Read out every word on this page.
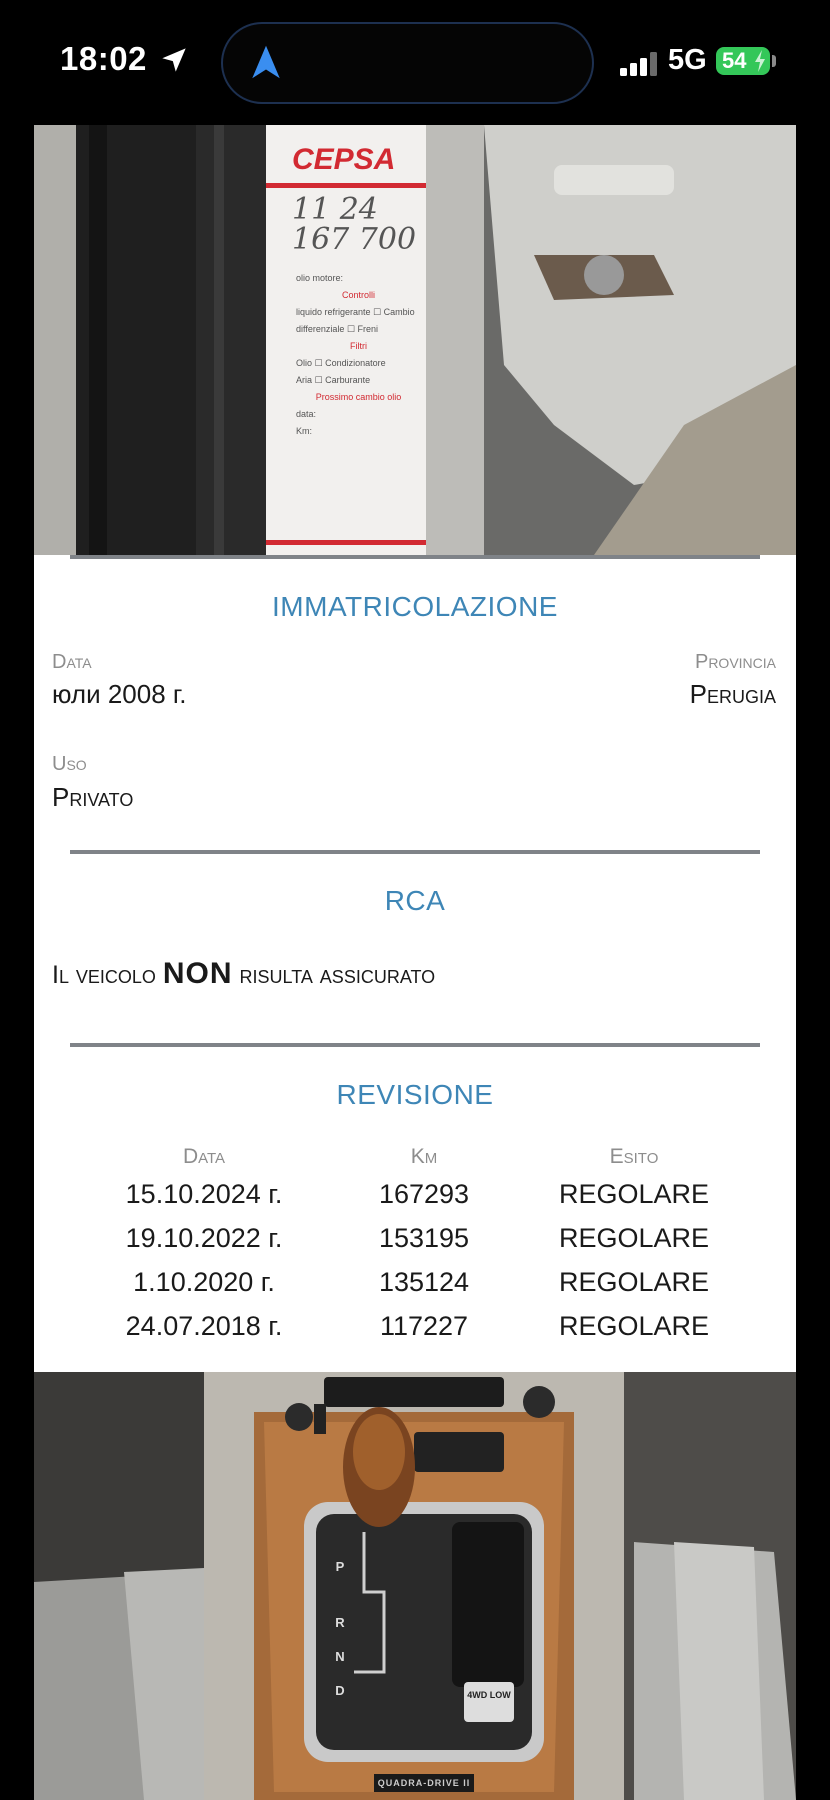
18:02	5G 54
CEPSA
11 24 167 700
olio motore:
Controlli
liquido refrigerante ☐ Cambio
differenziale ☐ Freni
Filtri
Olio ☐ Condizionatore
Aria ☐ Carburante
Prossimo cambio olio
data:
Km:
IMMATRICOLAZIONE
Data
юли 2008 г.
Provincia
Perugia
Uso
Privato
RCA
Il veicolo NON risulta assicurato
REVISIONE
Data	Km	Esito
15.10.2024 г.	167293	REGOLARE
19.10.2022 г.	153195	REGOLARE
1.10.2020 г.	135124	REGOLARE
24.07.2018 г.	117227	REGOLARE
P
R
N
D	4WD LOW
QUADRA-DRIVE II
